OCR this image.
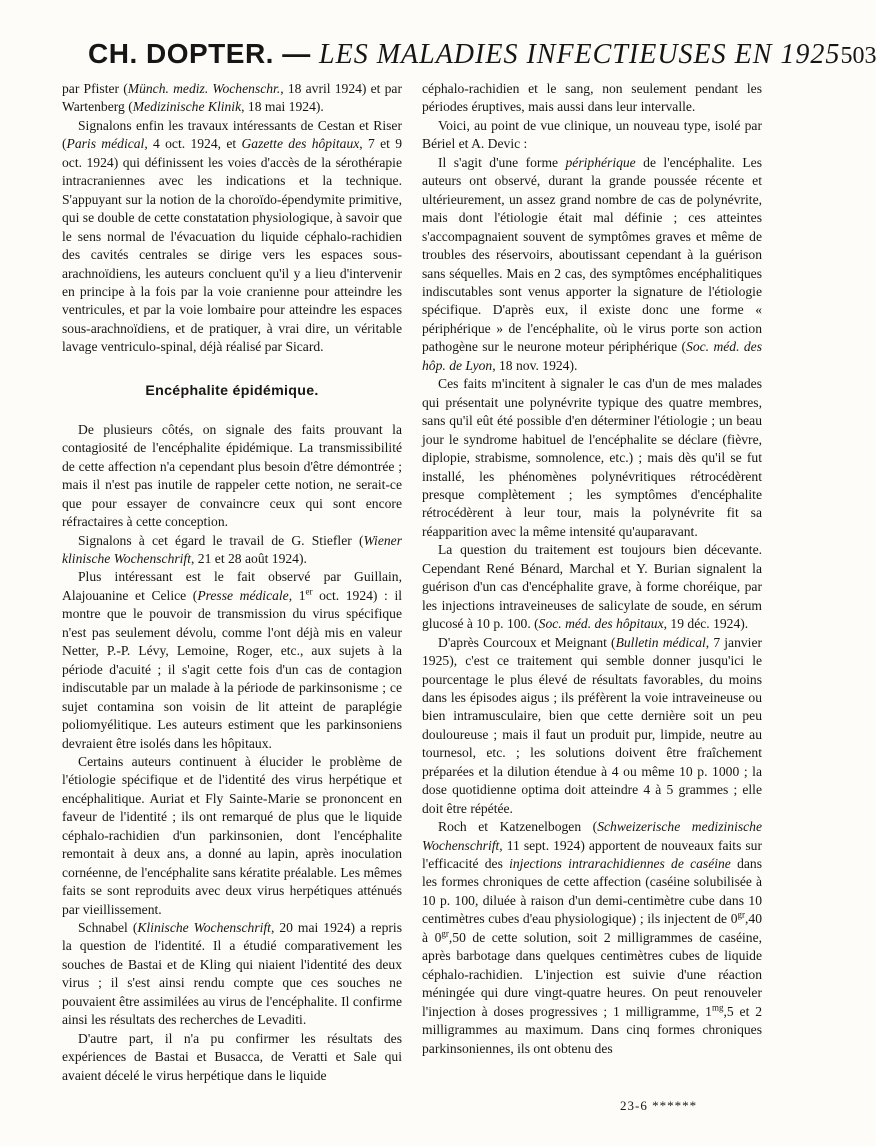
CH. DOPTER. — LES MALADIES INFECTIEUSES EN 1925 503

par Pfister (Münch. mediz. Wochenschr., 18 avril 1924) et par Wartenberg (Medizinische Klinik, 18 mai 1924).

Signalons enfin les travaux intéressants de Cestan et Riser (Paris médical, 4 oct. 1924, et Gazette des hôpitaux, 7 et 9 oct. 1924) qui définissent les voies d'accès de la sérothérapie intracraniennes avec les indications et la technique. S'appuyant sur la notion de la choroïdo-épendymite primitive, qui se double de cette constatation physiologique, à savoir que le sens normal de l'évacuation du liquide céphalo-rachidien des cavités centrales se dirige vers les espaces sous-arachnoïdiens, les auteurs concluent qu'il y a lieu d'intervenir en principe à la fois par la voie cranienne pour atteindre les ventricules, et par la voie lombaire pour atteindre les espaces sous-arachnoïdiens, et de pratiquer, à vrai dire, un véritable lavage ventriculo-spinal, déjà réalisé par Sicard.

Encéphalite épidémique.

De plusieurs côtés, on signale des faits prouvant la contagiosité de l'encéphalite épidémique. La transmissibilité de cette affection n'a cependant plus besoin d'être démontrée ; mais il n'est pas inutile de rappeler cette notion, ne serait-ce que pour essayer de convaincre ceux qui sont encore réfractaires à cette conception.

Signalons à cet égard le travail de G. Stiefler (Wiener klinische Wochenschrift, 21 et 28 août 1924).

Plus intéressant est le fait observé par Guillain, Alajouanine et Celice (Presse médicale, 1er oct. 1924) : il montre que le pouvoir de transmission du virus spécifique n'est pas seulement dévolu, comme l'ont déjà mis en valeur Netter, P.-P. Lévy, Lemoine, Roger, etc., aux sujets à la période d'acuité ; il s'agit cette fois d'un cas de contagion indiscutable par un malade à la période de parkinsonisme ; ce sujet contamina son voisin de lit atteint de paraplégie poliomyélitique. Les auteurs estiment que les parkinsoniens devraient être isolés dans les hôpitaux.

Certains auteurs continuent à élucider le problème de l'étiologie spécifique et de l'identité des virus herpétique et encéphalitique. Auriat et Fly Sainte-Marie se prononcent en faveur de l'identité ; ils ont remarqué de plus que le liquide céphalo-rachidien d'un parkinsonien, dont l'encéphalite remontait à deux ans, a donné au lapin, après inoculation cornéenne, de l'encéphalite sans kératite préalable. Les mêmes faits se sont reproduits avec deux virus herpétiques atténués par vieillissement.

Schnabel (Klinische Wochenschrift, 20 mai 1924) a repris la question de l'identité. Il a étudié comparativement les souches de Bastai et de Kling qui niaient l'identité des deux virus ; il s'est ainsi rendu compte que ces souches ne pouvaient être assimilées au virus de l'encéphalite. Il confirme ainsi les résultats des recherches de Levaditi.

D'autre part, il n'a pu confirmer les résultats des expériences de Bastai et Busacca, de Veratti et Sale qui avaient décelé le virus herpétique dans le liquide

céphalo-rachidien et le sang, non seulement pendant les périodes éruptives, mais aussi dans leur intervalle.

Voici, au point de vue clinique, un nouveau type, isolé par Bériel et A. Devic :

Il s'agit d'une forme périphérique de l'encéphalite. Les auteurs ont observé, durant la grande poussée récente et ultérieurement, un assez grand nombre de cas de polynévrite, mais dont l'étiologie était mal définie ; ces atteintes s'accompagnaient souvent de symptômes graves et même de troubles des réservoirs, aboutissant cependant à la guérison sans séquelles. Mais en 2 cas, des symptômes encéphalitiques indiscutables sont venus apporter la signature de l'étiologie spécifique. D'après eux, il existe donc une forme « périphérique » de l'encéphalite, où le virus porte son action pathogène sur le neurone moteur périphérique (Soc. méd. des hôp. de Lyon, 18 nov. 1924).

Ces faits m'incitent à signaler le cas d'un de mes malades qui présentait une polynévrite typique des quatre membres, sans qu'il eût été possible d'en déterminer l'étiologie ; un beau jour le syndrome habituel de l'encéphalite se déclare (fièvre, diplopie, strabisme, somnolence, etc.) ; mais dès qu'il se fut installé, les phénomènes polynévritiques rétrocédèrent presque complètement ; les symptômes d'encéphalite rétrocédèrent à leur tour, mais la polynévrite fit sa réapparition avec la même intensité qu'auparavant.

La question du traitement est toujours bien décevante. Cependant René Bénard, Marchal et Y. Burian signalent la guérison d'un cas d'encéphalite grave, à forme choréique, par les injections intraveineuses de salicylate de soude, en sérum glucosé à 10 p. 100. (Soc. méd. des hôpitaux, 19 déc. 1924).

D'après Courcoux et Meignant (Bulletin médical, 7 janvier 1925), c'est ce traitement qui semble donner jusqu'ici le pourcentage le plus élevé de résultats favorables, du moins dans les épisodes aigus ; ils préfèrent la voie intraveineuse ou bien intramusculaire, bien que cette dernière soit un peu douloureuse ; mais il faut un produit pur, limpide, neutre au tournesol, etc. ; les solutions doivent être fraîchement préparées et la dilution étendue à 4 ou même 10 p. 1000 ; la dose quotidienne optima doit atteindre 4 à 5 grammes ; elle doit être répétée.

Roch et Katzenelbogen (Schweizerische medizinische Wochenschrift, 11 sept. 1924) apportent de nouveaux faits sur l'efficacité des injections intrarachidiennes de caséine dans les formes chroniques de cette affection (caséine solubilisée à 10 p. 100, diluée à raison d'un demi-centimètre cube dans 10 centimètres cubes d'eau physiologique) ; ils injectent de $0^{gr},40$ à $0^{gr},50$ de cette solution, soit 2 milligrammes de caséine, après barbotage dans quelques centimètres cubes de liquide céphalo-rachidien. L'injection est suivie d'une réaction méningée qui dure vingt-quatre heures. On peut renouveler l'injection à doses progressives ; 1 milligramme, $1^{mg},5$ et 2 milligrammes au maximum. Dans cinq formes chroniques parkinsoniennes, ils ont obtenu des

23-6 ******
